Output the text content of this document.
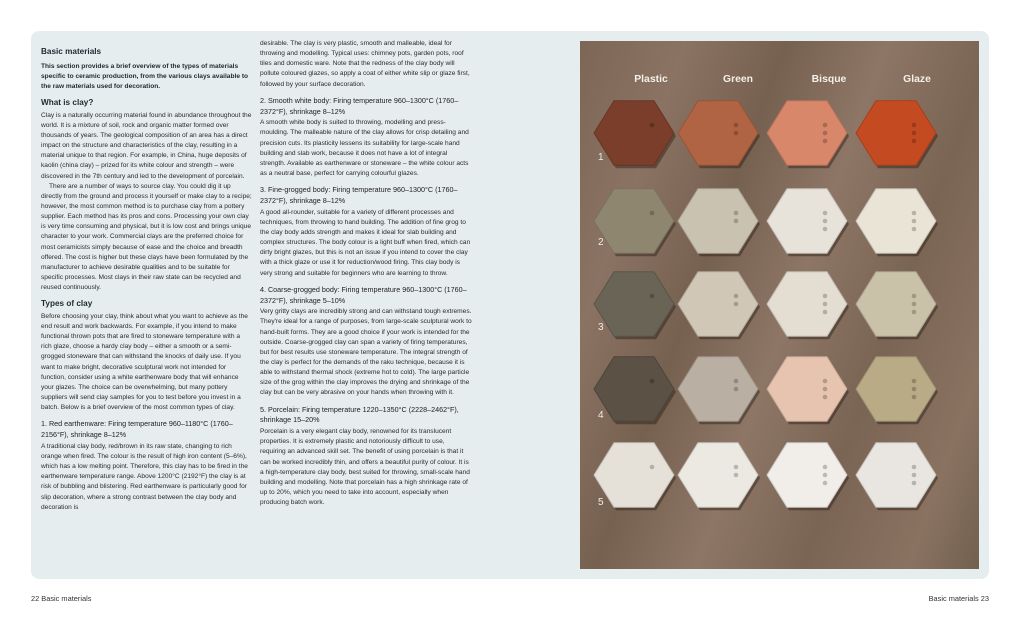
Basic materials

This section provides a brief overview of the types of materials specific to ceramic production, from the various clays available to the raw materials used for decoration.

What is clay?

Clay is a naturally occurring material found in abundance throughout the world. It is a mixture of soil, rock and organic matter formed over thousands of years. The geological composition of an area has a direct impact on the structure and characteristics of the clay, resulting in a material unique to that region. For example, in China, huge deposits of kaolin (china clay) – prized for its white colour and strength – were discovered in the 7th century and led to the development of porcelain.

There are a number of ways to source clay. You could dig it up directly from the ground and process it yourself or make clay to a recipe; however, the most common method is to purchase clay from a pottery supplier. Each method has its pros and cons. Processing your own clay is very time consuming and physical, but it is low cost and brings unique character to your work. Commercial clays are the preferred choice for most ceramicists simply because of ease and the choice and breadth offered. The cost is higher but these clays have been formulated by the manufacturer to achieve desirable qualities and to be suitable for specific processes. Most clays in their raw state can be recycled and reused continuously.

Types of clay

Before choosing your clay, think about what you want to achieve as the end result and work backwards. For example, if you intend to make functional thrown pots that are fired to stoneware temperature with a rich glaze, choose a hardy clay body – either a smooth or a semi-grogged stoneware that can withstand the knocks of daily use. If you want to make bright, decorative sculptural work not intended for function, consider using a white earthenware body that will enhance your glazes. The choice can be overwhelming, but many pottery suppliers will send clay samples for you to test before you invest in a batch. Below is a brief overview of the most common types of clay.

1. Red earthenware: Firing temperature 960–1180°C (1760–2156°F), shrinkage 8–12%

A traditional clay body, red/brown in its raw state, changing to rich orange when fired. The colour is the result of high iron content (5–6%), which has a low melting point. Therefore, this clay has to be fired in the earthenware temperature range. Above 1200°C (2192°F) the clay is at risk of bubbling and blistering. Red earthenware is particularly good for slip decoration, where a strong contrast between the clay body and decoration is

desirable. The clay is very plastic, smooth and malleable, ideal for throwing and modelling. Typical uses: chimney pots, garden pots, roof tiles and domestic ware. Note that the redness of the clay body will pollute coloured glazes, so apply a coat of either white slip or glaze first, followed by your surface decoration.

2. Smooth white body: Firing temperature 960–1300°C (1760–2372°F), shrinkage 8–12%

A smooth white body is suited to throwing, modelling and press-moulding. The malleable nature of the clay allows for crisp detailing and precision cuts. Its plasticity lessens its suitability for large-scale hand building and slab work, because it does not have a lot of integral strength. Available as earthenware or stoneware – the white colour acts as a neutral base, perfect for carrying colourful glazes.

3. Fine-grogged body: Firing temperature 960–1300°C (1760–2372°F), shrinkage 8–12%

A good all-rounder, suitable for a variety of different processes and techniques, from throwing to hand building. The addition of fine grog to the clay body adds strength and makes it ideal for slab building and complex structures. The body colour is a light buff when fired, which can dirty bright glazes, but this is not an issue if you intend to cover the clay with a thick glaze or use it for reduction/wood firing. This clay body is very strong and suitable for beginners who are learning to throw.

4. Coarse-grogged body: Firing temperature 960–1300°C (1760–2372°F), shrinkage 5–10%

Very gritty clays are incredibly strong and can withstand tough extremes. They're ideal for a range of purposes, from large-scale sculptural work to hand-built forms. They are a good choice if your work is intended for the outside. Coarse-grogged clay can span a variety of firing temperatures, but for best results use stoneware temperature. The integral strength of the clay is perfect for the demands of the raku technique, because it is able to withstand thermal shock (extreme hot to cold). The large particle size of the grog within the clay improves the drying and shrinkage of the clay but can be very abrasive on your hands when throwing with it.

5. Porcelain: Firing temperature 1220–1350°C (2228–2462°F), shrinkage 15–20%

Porcelain is a very elegant clay body, renowned for its translucent properties. It is extremely plastic and notoriously difficult to use, requiring an advanced skill set. The benefit of using porcelain is that it can be worked incredibly thin, and offers a beautiful purity of colour. It is a high-temperature clay body, best suited for throwing, small-scale hand building and modelling. Note that porcelain has a high shrinkage rate of up to 20%, which you need to take into account, especially when producing batch work.

Plastic	Green	Bisque	Glaze
1
2
3
4
5
22 Basic materials	Basic materials 23
